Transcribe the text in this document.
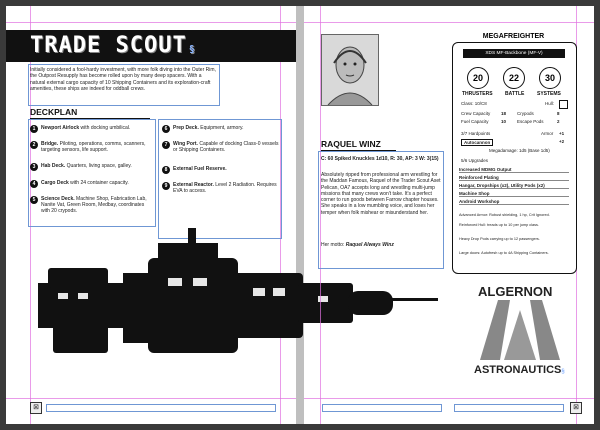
TRADE SCOUT §
Initially considered a fool-hardy investment, with more folk diving into the Outer Rim, the Outpost Resupply has become rolled upon by many deep spacers. With a natural external cargo capacity of 10 Shipping Containers and its exploration-craft amenities, these ships are indeed for oddball crews.
DECKPLAN
1	Newport Airlock with docking umbilical.
2	Bridge. Piloting, operations, comms, scanners, targeting sensors, life support.
3	Hab Deck. Quarters, living space, galley.
4	Cargo Deck with 24 container capacity.
5	Science Deck. Machine Shop, Fabrication Lab, Nanite Vat, Green Room, Medbay, coordinates with 20 crypods.
6	Prep Deck. Equipment, armory.
7	Wing Port. Capable of docking Class-0 vessels or Shipping Containers.
8	External Fuel Reserve.
9	External Reactor. Level 2 Radiation. Requires EVA to access.
⊠
RAQUEL WINZ
C: 60 Spiked Knuckles 1d10, R: 30, AP: 3 W: 3(15)
Absolutely ripped from professional arm wrestling for the Maddan Famous, Raquel of the Trader Scout Aset Pelican, OA7 accepts long and wrestling multi-jump missions that many crews won't take. It's a perfect corner to run goods between Farrow chapter houses. She speaks in a low mumbling voice, and loses her temper when folk mishear or misunderstand her.
Her motto: Raquel Always Winz
MEGAFREIGHTER
XDS MF-Backbone (MF-V)
20	22	30
THRUSTERS BATTLE	SYSTEMS
Class: 10/C8	Hull:
Crew Capacity 18 Crypods	8
Fuel Capacity	10 Escape Pods	2
3/7 Hardpoints	Armor
Autocannon	+2
+1
Megadamage: 1d5 (Base 1d5)
5/6 Upgrades
Increased MDMG Output
Reinforced Plating
Hangar, Dropships (x2), Utility Pods (x2)
Machine Shop
Android Workshop
Advanced Armor: Robust shielding, 1 hp, Crit Ignored.
Reinforced Hull: treads up to 10 per jump class.
Heavy Drop Pods carrying up to 12 passengers.
Large doors: Autofresh up to 4A Shipping Containers.
ALGERNON
ASTRONAUTICS§
⊠
